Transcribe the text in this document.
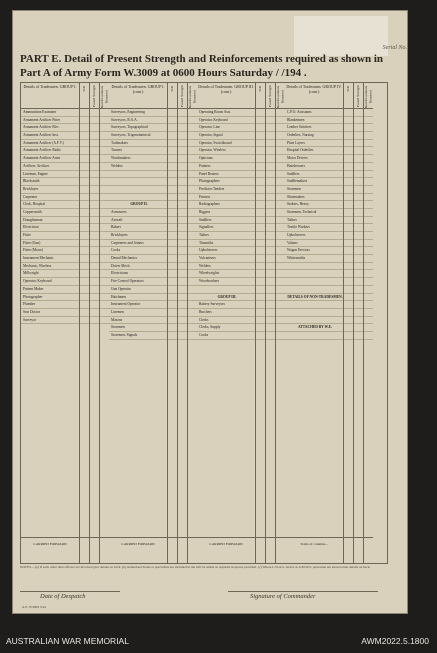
Serial No.
PART E. Detail of Present Strength and Reinforcements required as shown in
Part A of Army Form W.3009 at 0600 Hours Saturday / /194 .
Details of Tradesmen. GROUP I.
Ammunition Examiner
Armament Artificer Fitter
Armament Artificer Elec.
Armament Artificer Inst.
Armament Artificer (A.F.V.)
Armament Artificer Radio
Armament Artificer Arms
Artificer, Artificer
Lineman, Engine
Blacksmith
Bricklayer
Carpenter
Clerk, Hospital
Coppersmith
Draughtsman
Electrician
Fitter
Fitter (Gun)
Fitter (Motor)
Instrument Mechanic
Mechanic, Wireless
Millwright
Operator, Keyboard
Pattern Maker
Photographer
Plumber
Saw Doctor
Surveyor
CARRIED FORWARD
W.E.	Posted Strength	Reinforcements Required
Details of Tradesmen. GROUP I. (cont.)
Surveyors, Engineering
Surveyors, R.A.A.
Surveyors, Topographical
Surveyors, Trigonometrical
Toolmakers
Turners
Watchmakers
Welders
GROUP II.
Armourers
Aircraft
Bakers
Bricklayers
Carpenters and Joiners
Cooks
Dental Mechanics
Driver Mech.
Electricians
Fire Control Operators
Gun Operator
Hatchmen
Instrument Operator
Linemen
Masons
Storemen
Storemen, Signals
CARRIED FORWARD
W.E.	Posted Strength	Reinforcements Required
Details of Tradesmen. GROUP III. (cont.)
Operating Room Asst.
Operator, Keyboard
Operator, Line
Operator, Signal
Operator, Switchboard
Operator, Wireless
Opticians
Painters
Panel Beaters
Photographers
Predictor Tenders
Printers
Radiographers
Riggers
Saddlers
Signallers
Tailors
Tinsmiths
Upholsterers
Vulcanisers
Welders
Wheelwrights
Woodworkers
GROUP III.
Battery Surveyors
Butchers
Clerks
Clerks, Supply
Cooks
CARRIED FORWARD
W.E.	Posted Strength	Reinforcements Required
Details of Tradesmen. GROUP IV. (cont.)
C.P.O. Assistants
Blanketmen
Leather Stitchers
Orderlies, Nursing
Plate Layers
Hospital Orderlies
Motor Drivers
Hairdressers
Saddlers
Saddlemakers
Storemen
Shoemakers
Stokers, Heavy
Storemen, Technical
Tailors
Textile Workers
Upholsterers
Valuers
Wagon Erectors
Whitesmiths
DETAILS OF NON-TRADESMEN.
ATTACHED BY W.E.
Totals of columns...
W.E.	Posted Strength	Reinforcements Required
NOTES.—(a) If such other than officers are involved give details on back. (b) Authorised States or specialists are included in the will be added as required in spaces provided. (c) Where L.W.A.S. and/or A.A.M.W.S. personnel are shown enter details on back.
Date of Despatch	Signature of Commander
A.F. W3009 5/42
AUSTRALIAN WAR MEMORIAL	AWM2022.5.1800
